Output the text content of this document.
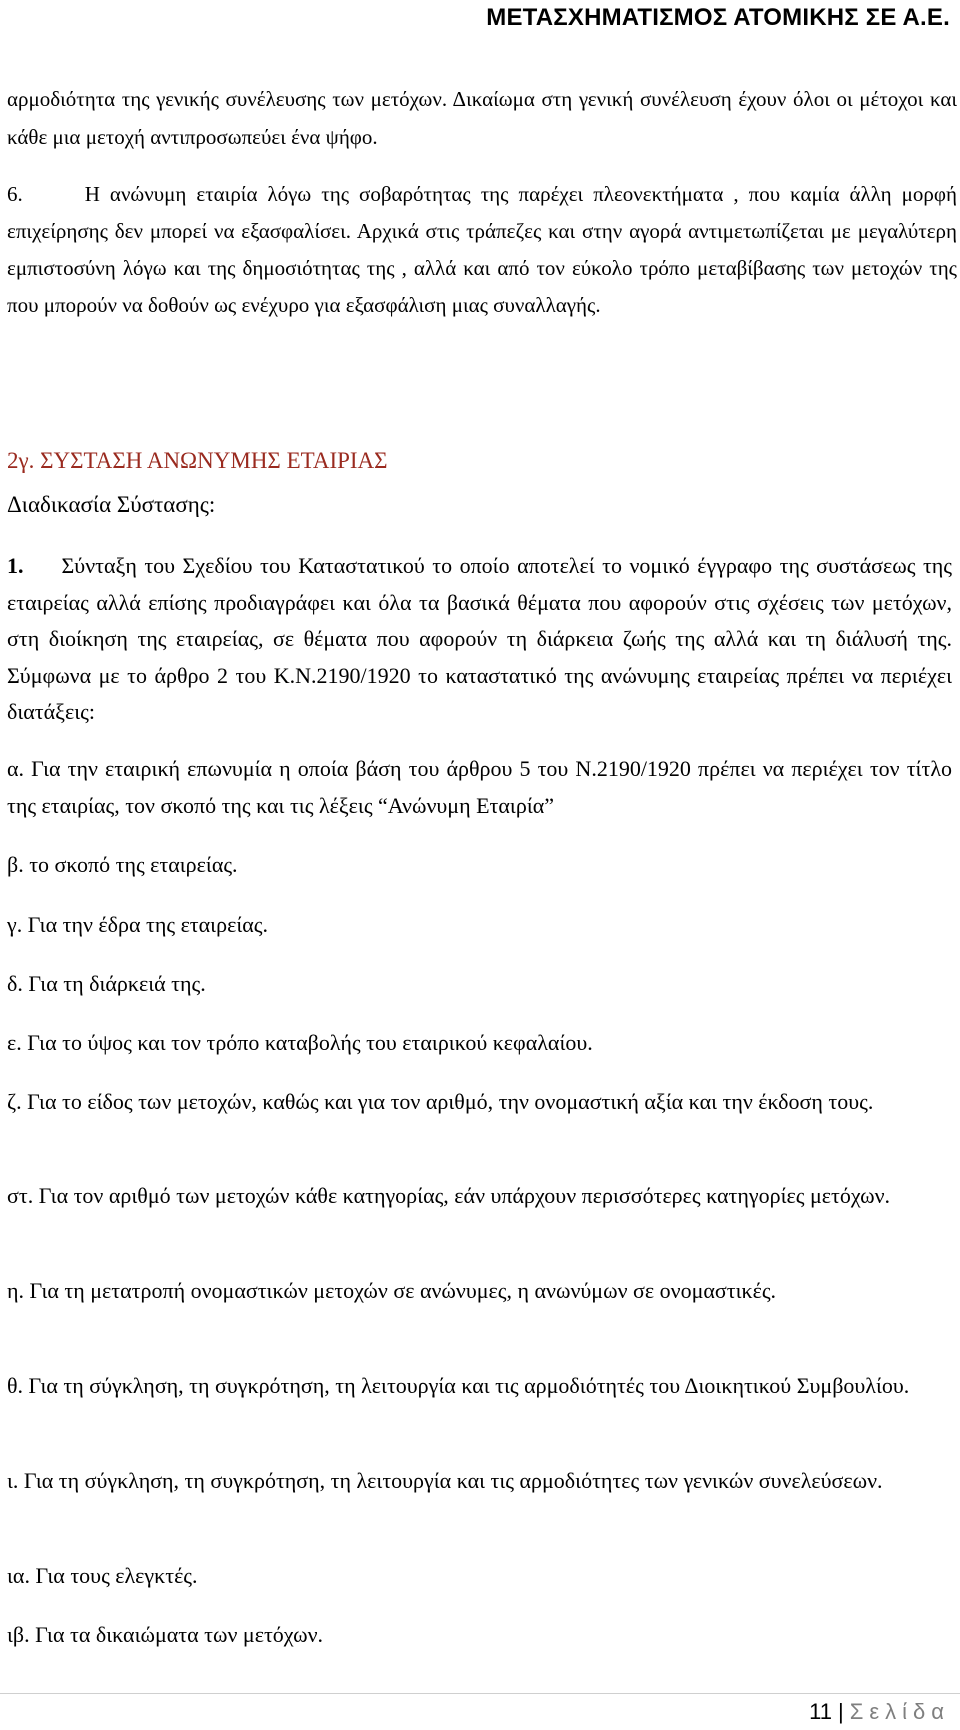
ΜΕΤΑΣΧΗΜΑΤΙΣΜΟΣ ΑΤΟΜΙΚΗΣ ΣΕ Α.Ε.

αρμοδιότητα της γενικής συνέλευσης των μετόχων. Δικαίωμα στη γενική συνέλευση έχουν όλοι οι μέτοχοι και κάθε μια μετοχή αντιπροσωπεύει ένα ψήφο.

6.	Η ανώνυμη εταιρία λόγω της σοβαρότητας της παρέχει πλεονεκτήματα , που καμία άλλη μορφή επιχείρησης δεν μπορεί να εξασφαλίσει. Αρχικά στις τράπεζες και στην αγορά αντιμετωπίζεται με μεγαλύτερη εμπιστοσύνη λόγω και της δημοσιότητας της , αλλά και από τον εύκολο τρόπο μεταβίβασης των μετοχών της που μπορούν να δοθούν ως ενέχυρο για εξασφάλιση μιας συναλλαγής.

2γ. ΣΥΣΤΑΣΗ ΑΝΩΝΥΜΗΣ ΕΤΑΙΡΙΑΣ
Διαδικασία Σύστασης:

1. Σύνταξη του Σχεδίου του Καταστατικού το οποίο αποτελεί το νομικό έγγραφο της συστάσεως της εταιρείας αλλά επίσης προδιαγράφει και όλα τα βασικά θέματα που αφορούν στις σχέσεις των μετόχων, στη διοίκηση της εταιρείας, σε θέματα που αφορούν τη διάρκεια ζωής της αλλά και τη διάλυσή της. Σύμφωνα με το άρθρο 2 του Κ.Ν.2190/1920 το καταστατικό της ανώνυμης εταιρείας πρέπει να περιέχει διατάξεις:

α. Για την εταιρική επωνυμία η οποία βάση του άρθρου 5 του Ν.2190/1920 πρέπει να περιέχει τον τίτλο της εταιρίας, τον σκοπό της και τις λέξεις “Ανώνυμη Εταιρία”

β. το σκοπό της εταιρείας.

γ. Για την έδρα της εταιρείας.

δ. Για τη διάρκειά της.

ε. Για το ύψος και τον τρόπο καταβολής του εταιρικού κεφαλαίου.

ζ. Για το είδος των μετοχών, καθώς και για τον αριθμό, την ονομαστική αξία και την έκδοση τους.

στ. Για τον αριθμό των μετοχών κάθε κατηγορίας, εάν υπάρχουν περισσότερες κατηγορίες μετόχων.

η. Για τη μετατροπή ονομαστικών μετοχών σε ανώνυμες, η ανωνύμων σε ονομαστικές.

θ. Για τη σύγκληση, τη συγκρότηση, τη λειτουργία και τις αρμοδιότητές του Διοικητικού Συμβουλίου.

ι. Για τη σύγκληση, τη συγκρότηση, τη λειτουργία και τις αρμοδιότητες των γενικών συνελεύσεων.

ια. Για τους ελεγκτές.

ιβ. Για τα δικαιώματα των μετόχων.

11 | Σελίδα
